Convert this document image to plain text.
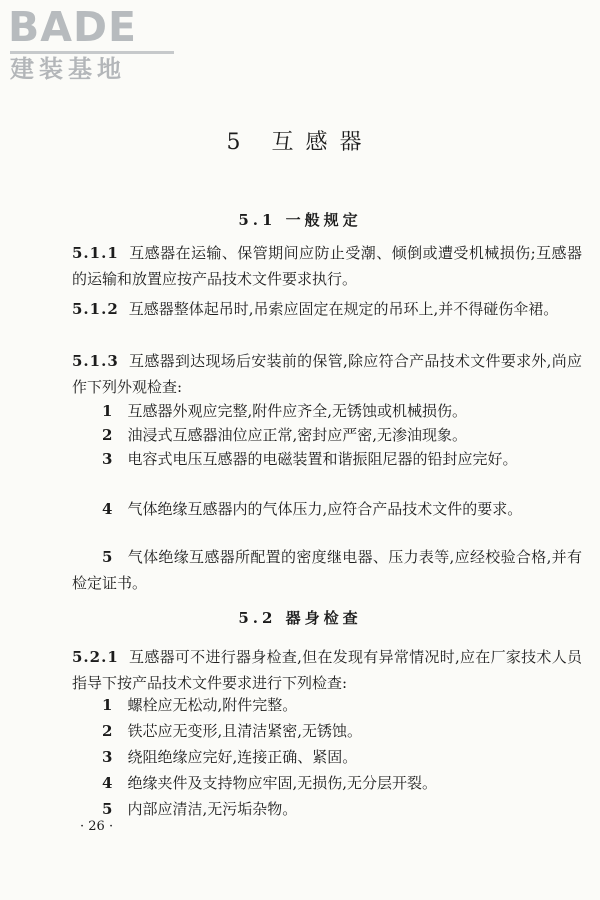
BADE
建装基地
5 互感器
5.1 一般规定
5.1.1 互感器在运输、保管期间应防止受潮、倾倒或遭受机械损伤;互感器的运输和放置应按产品技术文件要求执行。
5.1.2 互感器整体起吊时,吊索应固定在规定的吊环上,并不得碰伤伞裙。
5.1.3 互感器到达现场后安装前的保管,除应符合产品技术文件要求外,尚应作下列外观检查:
1 互感器外观应完整,附件应齐全,无锈蚀或机械损伤。
2 油浸式互感器油位应正常,密封应严密,无渗油现象。
3 电容式电压互感器的电磁装置和谐振阻尼器的铅封应完好。
4 气体绝缘互感器内的气体压力,应符合产品技术文件的要求。
5 气体绝缘互感器所配置的密度继电器、压力表等,应经校验合格,并有检定证书。
5.2 器身检查
5.2.1 互感器可不进行器身检查,但在发现有异常情况时,应在厂家技术人员指导下按产品技术文件要求进行下列检查:
1 螺栓应无松动,附件完整。
2 铁芯应无变形,且清洁紧密,无锈蚀。
3 绕阻绝缘应完好,连接正确、紧固。
4 绝缘夹件及支持物应牢固,无损伤,无分层开裂。
5 内部应清洁,无污垢杂物。
· 26 ·
